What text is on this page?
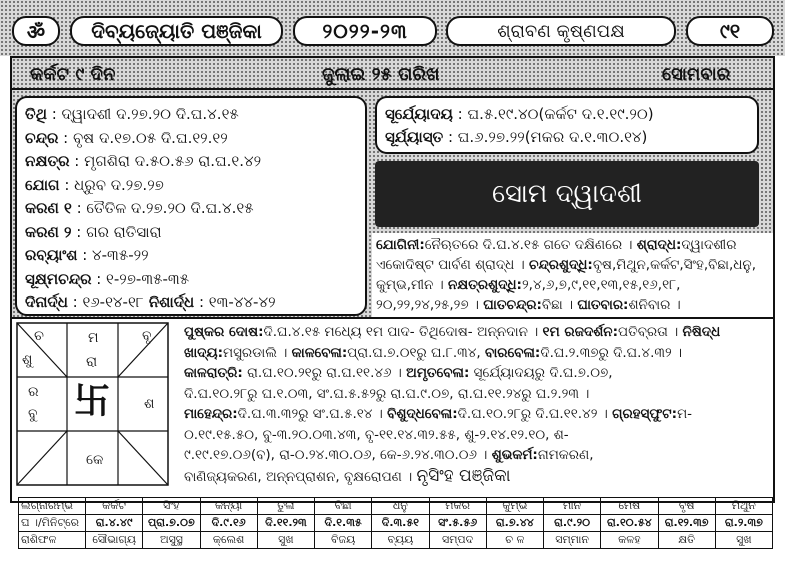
ॐ	ଦିବ୍ୟଜ୍ୟୋତି ପଞ୍ଜିକା	୨୦୨୨-୨୩	ଶ୍ରାବଣ କୃଷ୍ଣପକ୍ଷ	୯୧
କର୍କଟ ୯ ଦିନ	ଜୁଲାଇ ୨୫ ତାରିଖ	ସୋମବାର
ତିଥି : ଦ୍ୱାଦଶୀ ଦ.୨୭.୨୦ ଦି.ଘ.୪.୧୫
ଚନ୍ଦ୍ର : ବୃଷ ଦ.୧୭.୦୫ ଦି.ଘ.୧୨.୧୨
ନକ୍ଷତ୍ର : ମୃଗଶିରା ଦ.୫୦.୫୬ ରା.ଘ.୧.୪୨
ଯୋଗ : ଧ୍ରୁବ ଦ.୨୭.୨୭
କରଣ ୧ : ତୈତିଳ ଦ.୨୭.୨୦ ଦି.ଘ.୪.୧୫
କରଣ ୨ : ଗର ରାତିସାରା
ରବ୍ୟାଂଶ : ୪-୩୫-୨୨
ସୂକ୍ଷ୍ମଚନ୍ଦ୍ର : ୧-୨୭-୩୫-୩୫
ଦିନାର୍ଦ୍ଧ : ୧୬-୧୪-୧୮ ନିଶାର୍ଦ୍ଧ : ୧୩-୪୪-୪୨
ସୂର୍ଯ୍ୟୋଦୟ : ଘ.୫.୧୯.୪୦(କର୍କଟ ଦ.୧.୧୯.୨୦)
ସୂର୍ଯ୍ୟାସ୍ତ : ଘ.୬.୨୭.୨୨(ମକର ଦ.୧.୩୦.୧୪)
ସୋମ ଦ୍ୱାଦଶୀ
ଯୋଗିନୀ:ନୈଋତରେ ଦି.ଘ.୪.୧୫ ଗତେ ଦକ୍ଷିଣରେ । ଶ୍ରାଦ୍ଧ:ଦ୍ୱାଦଶୀର
ଏକୋଦିଷ୍ଟ ପାର୍ବଣ ଶ୍ରାଦ୍ଧ । ଚନ୍ଦ୍ରଶୁଦ୍ଧି:ବୃଷ,ମିଥୁନ,କର୍କଟ,ସିଂହ,ବିଛା,ଧନୁ,
କୁମ୍ଭ,ମୀନ । ନକ୍ଷତ୍ରଶୁଦ୍ଧି:୨,୪,୬,୭,୯,୧୧,୧୩,୧୫,୧୬,୧୮,
୨୦,୨୨,୨୪,୨୫,୨୭ । ଘାତଚନ୍ଦ୍ର:ବିଛା । ଘାତବାର:ଶନିବାର ।
ଚ	ମ	ବୃ
ଶୁ	ରା
ର
ବୁ 卐 ଶ
କେ
ପୁଷ୍କର ଦୋଷ:ଦି.ଘ.୪.୧୫ ମଧ୍ୟେ ୧ମ ପାଦ- ତିଥିଦୋଷ- ଅନ୍ନଦାନ । ୧ମ ରଜଦର୍ଶନ:ପତିବ୍ରତା । ନିଷିଦ୍ଧ
ଖାଦ୍ୟ:ମସୁରଡାଲି । କାଳବେଳା:ପ୍ରା.ଘ.୭.୦୧ରୁ ଘ.୮.୩୪, ବାରବେଳା:ଦି.ଘ.୨.୩୭ରୁ ଦି.ଘ.୪.୩୨ ।
କାଳରାତ୍ରି: ରା.ଘ.୧୦.୨୧ରୁ ରା.ଘ.୧୧.୪୬ । ଅମୃତବେଳା: ସୂର୍ଯ୍ୟୋଦୟରୁ ଦି.ଘ.୭.୦୭,
ଦି.ଘ.୧୦.୨୮ରୁ ଘ.୧.୦୩, ସଂ.ଘ.୫.୫୨ରୁ ରା.ଘ.୯.୦୭, ରା.ଘ.୧୧.୨୪ରୁ ଘ.୨.୨୩ ।
ମାହେନ୍ଦ୍ର:ଦି.ଘ.୩.୩୨ରୁ ସଂ.ଘ.୫.୧୪ । ବିଶୁଦ୍ଧବେଳା:ଦି.ଘ.୧୦.୨୮ରୁ ଦି.ଘ.୧୧.୪୨ । ଗ୍ରହସ୍ଫୁଟ:ମ-
୦.୧୯.୧୫.୫୦, ବୁ-୩.୨୦.୦୩.୪୩, ବୃ-୧୧.୧୪.୩୨.୫୫, ଶୁ-୨.୧୪.୧୨.୧୦, ଶ-
୯.୧୯.୧୭.୦୬(ବ), ରା-୦.୨୪.୩୦.୦୬, କେ-୬.୨୪.୩୦.୦୬ । ଶୁଭକର୍ମ:ନାମକରଣ,
ବାଣିଜ୍ୟକରଣ, ଅନ୍ନପ୍ରାଶନ, ବୃକ୍ଷରୋପଣ । ନୃସିଂହ ପଞ୍ଜିକା
ଲଗ୍ନାରମ୍ଭ	କର୍କଟ	ସିଂହ	କନ୍ୟା	ତୁଳା	ବିଛା	ଧନୁ	ମକର	କୁମ୍ଭ	ମୀନ	ମେଷ	ବୃଷ	ମିଥୁନ
ଘ ।/ମିନିଟ୍‌ରେ	ରା.୪.୪୯	ପ୍ରା.୭.୦୭	ଦି.୯.୧୬	ଦି.୧୧.୨୩	ଦି.୧.୩୫	ଦି.୩.୫୧	ସଂ.୫.୫୬	ରା.୭.୪୪	ରା.୯.୨୦	ରା.୧୦.୫୪	ରା.୧୨.୩୭	ରା.୨.୩୭
ରାଶିଫଳ	ସୌଭାଗ୍ୟ	ଅସୁସ୍ଥ	କ୍ଲେଶ	ସୁଖ	ବିଜୟ	ବ୍ୟୟ	ସମ୍ପଦ	ଚ ଳ	ସମ୍ମାନ	କଳହ	କ୍ଷତି	ସୁଖ
